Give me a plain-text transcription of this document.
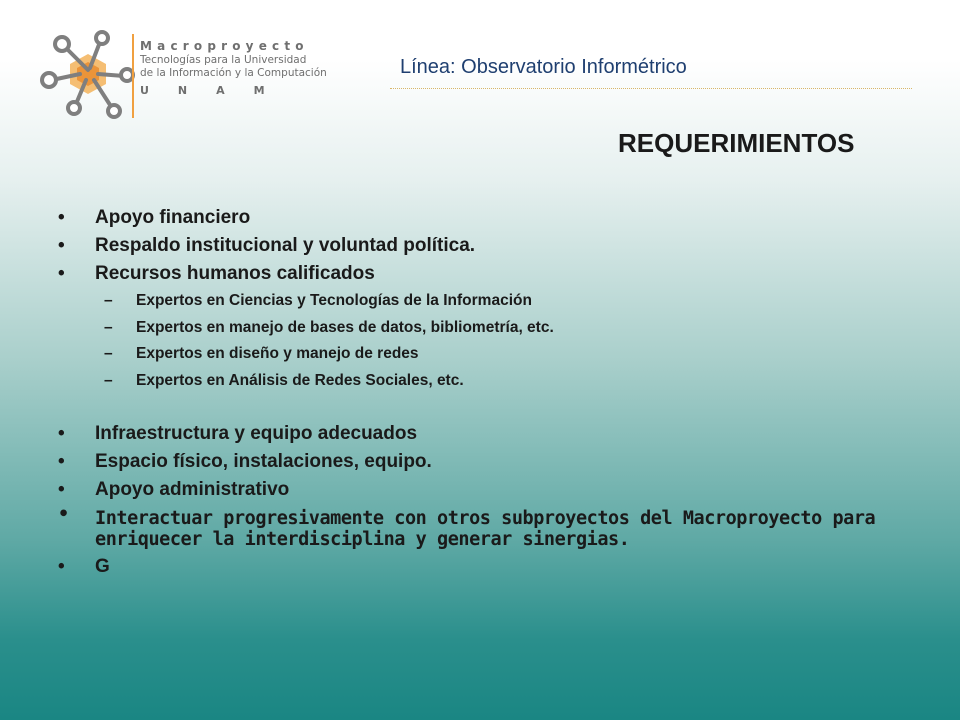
Macroproyecto
Tecnologías para la Universidad
de la Información y la Computación
UNAM
Línea: Observatorio Informétrico
REQUERIMIENTOS
• Apoyo financiero
• Respaldo institucional y voluntad política.
• Recursos humanos calificados
– Expertos en Ciencias y Tecnologías de la Información
– Expertos en manejo de bases de datos, bibliometría, etc.
– Expertos en diseño y manejo de redes
– Expertos en Análisis de Redes Sociales, etc.
• Infraestructura y equipo adecuados
• Espacio físico, instalaciones, equipo.
• Apoyo administrativo
• Interactuar progresivamente con otros subproyectos del Macroproyecto para enriquecer la interdisciplina y generar sinergias.
• G
